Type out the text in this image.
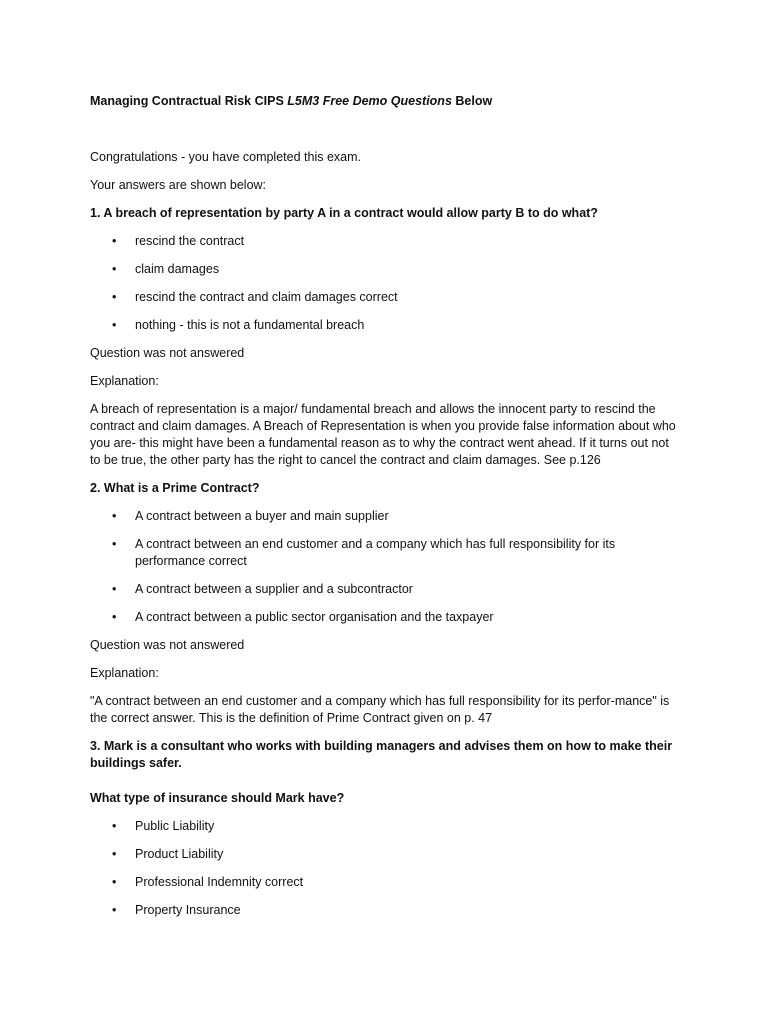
Managing Contractual Risk CIPS L5M3 Free Demo Questions Below

Congratulations - you have completed this exam.

Your answers are shown below:

1. A breach of representation by party A in a contract would allow party B to do what?
• rescind the contract
• claim damages
• rescind the contract and claim damages correct
• nothing - this is not a fundamental breach

Question was not answered

Explanation:

A breach of representation is a major/ fundamental breach and allows the innocent party to rescind the contract and claim damages. A Breach of Representation is when you provide false information about who you are- this might have been a fundamental reason as to why the contract went ahead. If it turns out not to be true, the other party has the right to cancel the contract and claim damages. See p.126

2. What is a Prime Contract?
• A contract between a buyer and main supplier
• A contract between an end customer and a company which has full responsibility for its performance correct
• A contract between a supplier and a subcontractor
• A contract between a public sector organisation and the taxpayer

Question was not answered

Explanation:

"A contract between an end customer and a company which has full responsibility for its perfor-mance" is the correct answer. This is the definition of Prime Contract given on p. 47

3. Mark is a consultant who works with building managers and advises them on how to make their buildings safer.
What type of insurance should Mark have?
• Public Liability
• Product Liability
• Professional Indemnity correct
• Property Insurance
